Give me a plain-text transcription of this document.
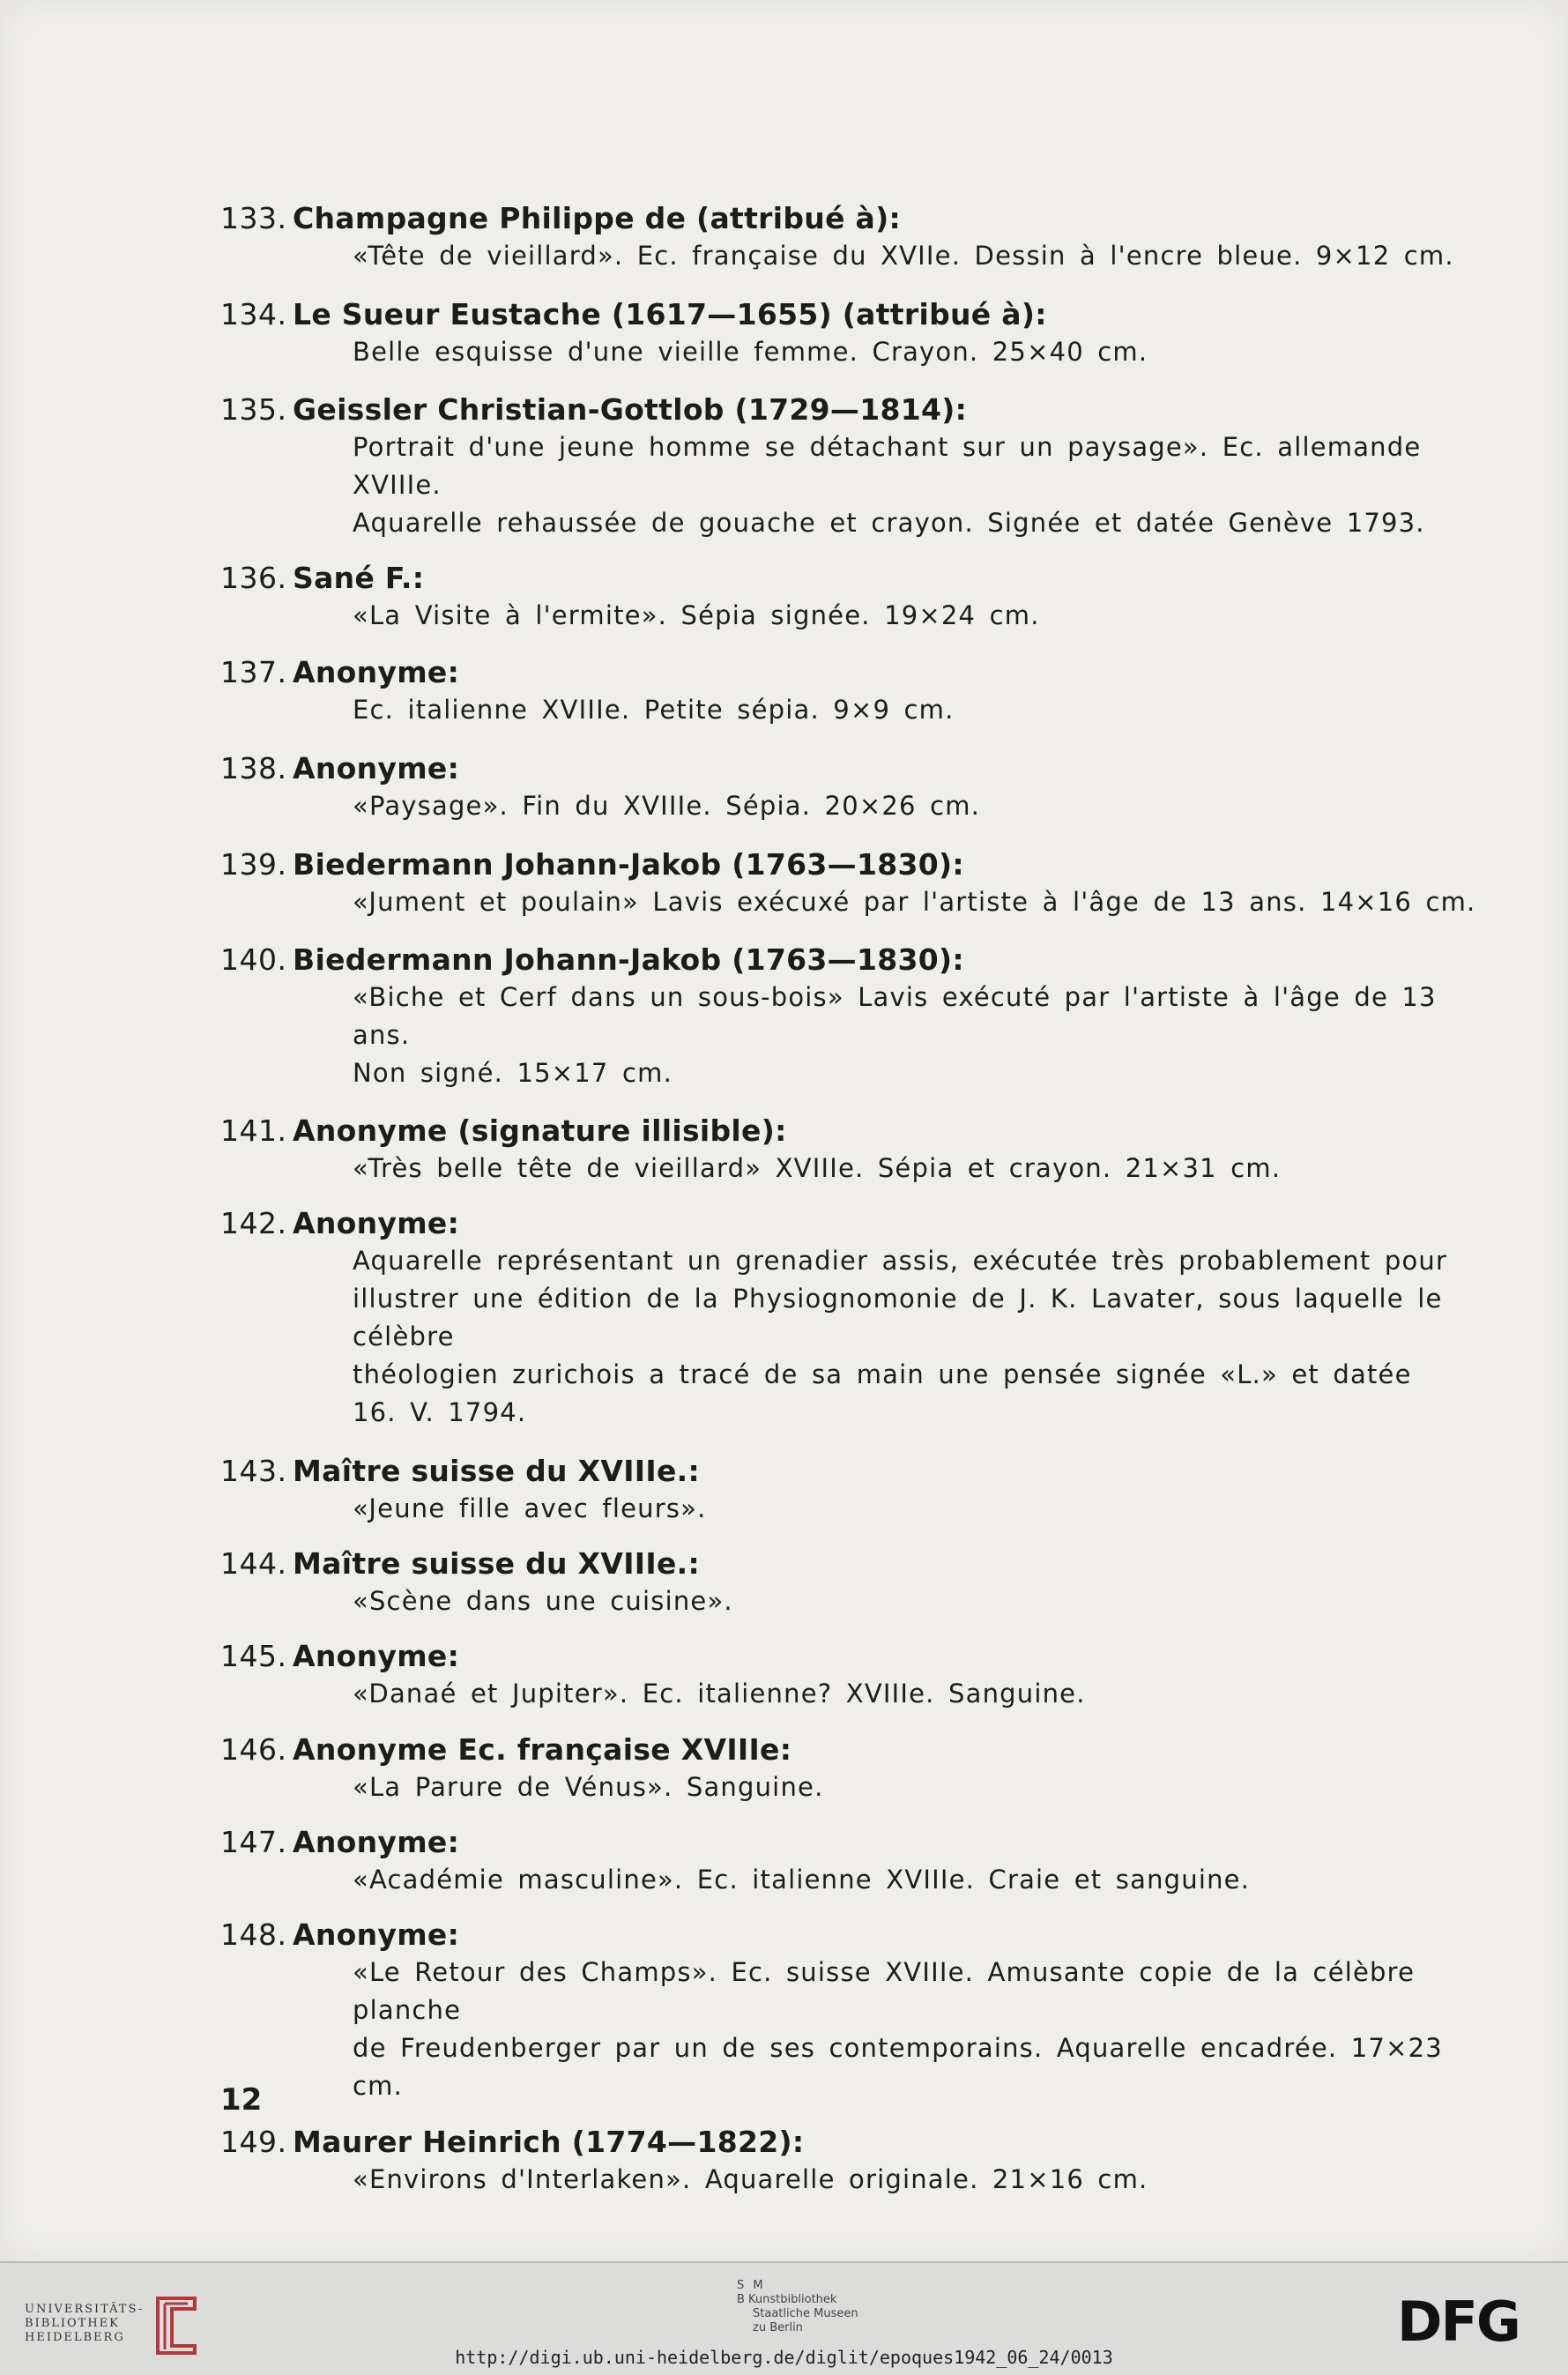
133. Champagne Philippe de (attribué à):
«Tête de vieillard». Ec. française du XVIIe. Dessin à l'encre bleue. 9×12 cm.
134. Le Sueur Eustache (1617—1655) (attribué à):
Belle esquisse d'une vieille femme. Crayon. 25×40 cm.
135. Geissler Christian-Gottlob (1729—1814):
Portrait d'une jeune homme se détachant sur un paysage». Ec. allemande XVIIIe.
Aquarelle rehaussée de gouache et crayon. Signée et datée Genève 1793.
136. Sané F.:
«La Visite à l'ermite». Sépia signée. 19×24 cm.
137. Anonyme:
Ec. italienne XVIIIe. Petite sépia. 9×9 cm.
138. Anonyme:
«Paysage». Fin du XVIIIe. Sépia. 20×26 cm.
139. Biedermann Johann-Jakob (1763—1830):
«Jument et poulain» Lavis exécuxé par l'artiste à l'âge de 13 ans. 14×16 cm.
140. Biedermann Johann-Jakob (1763—1830):
«Biche et Cerf dans un sous-bois» Lavis exécuté par l'artiste à l'âge de 13 ans.
Non signé. 15×17 cm.
141. Anonyme (signature illisible):
«Très belle tête de vieillard» XVIIIe. Sépia et crayon. 21×31 cm.
142. Anonyme:
Aquarelle représentant un grenadier assis, exécutée très probablement pour
illustrer une édition de la Physiognomonie de J. K. Lavater, sous laquelle le célèbre
théologien zurichois a tracé de sa main une pensée signée «L.» et datée
16. V. 1794.
143. Maître suisse du XVIIIe.:
«Jeune fille avec fleurs».
144. Maître suisse du XVIIIe.:
«Scène dans une cuisine».
145. Anonyme:
«Danaé et Jupiter». Ec. italienne? XVIIIe. Sanguine.
146. Anonyme Ec. française XVIIIe:
«La Parure de Vénus». Sanguine.
147. Anonyme:
«Académie masculine». Ec. italienne XVIIIe. Craie et sanguine.
148. Anonyme:
«Le Retour des Champs». Ec. suisse XVIIIe. Amusante copie de la célèbre planche
de Freudenberger par un de ses contemporains. Aquarelle encadrée. 17×23 cm.
149. Maurer Heinrich (1774—1822):
«Environs d'Interlaken». Aquarelle originale. 21×16 cm.
12
UNIVERSITÄTS-
BIBLIOTHEK
HEIDELBERG
S M
B Kunstbibliothek
Staatliche Museen
zu Berlin	DFG
http://digi.ub.uni-heidelberg.de/diglit/epoques1942_06_24/0013
